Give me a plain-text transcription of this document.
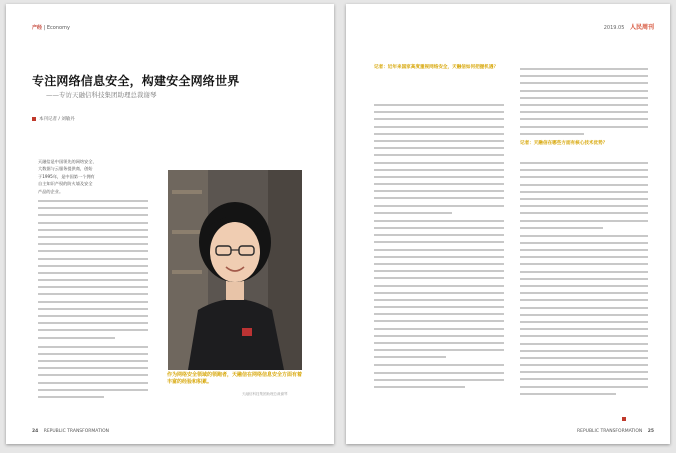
产经 | Economy
专注网络信息安全，构建安全网络世界
——专访天融信科技集团助理总裁谢琴
本刊记者 / 刘敏丹
天融信是中国领先的网络安全、
大数据与云服务提供商，创始
于1995年，是中国第一个拥有
自主知识产权的防火墙及安全
产品的企业。
作为网络安全领域的领跑者，天融信在网络信息安全方面有着丰富的经验和积累。
天融信科技集团助理总裁谢琴
24 REPUBLIC TRANSFORMATION
2019.05 人民周刊
记者：近年来国家高度重视网络安全，天融信如何把握机遇？
记者：天融信在哪些方面有核心技术优势？
REPUBLIC TRANSFORMATION 25
